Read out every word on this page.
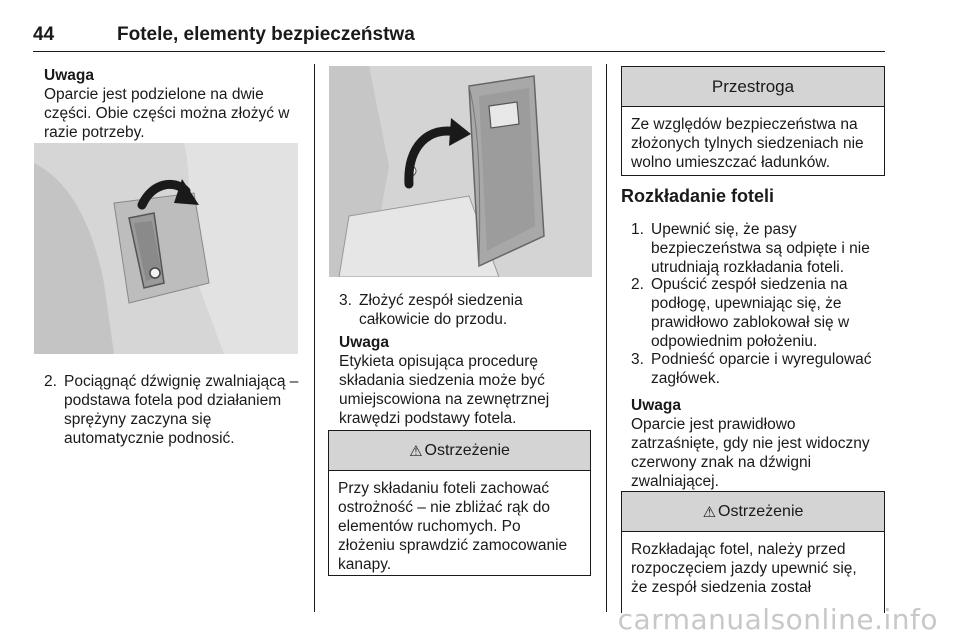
44	Fotele, elementy bezpieczeństwa
Uwaga
Oparcie jest podzielone na dwie
części. Obie części można złożyć w
razie potrzeby.
2. Pociągnąć dźwignię zwalniającą –
podstawa fotela pod działaniem
sprężyny zaczyna się
automatycznie podnosić.
3. Złożyć zespół siedzenia
całkowicie do przodu.
Uwaga
Etykieta opisująca procedurę
składania siedzenia może być
umiejscowiona na zewnętrznej
krawędzi podstawy fotela.
⚠ Ostrzeżenie
Przy składaniu foteli zachować
ostrożność – nie zbliżać rąk do
elementów ruchomych. Po
złożeniu sprawdzić zamocowanie
kanapy.
Przestroga
Ze względów bezpieczeństwa na
złożonych tylnych siedzeniach nie
wolno umieszczać ładunków.
Rozkładanie foteli
1. Upewnić się, że pasy
bezpieczeństwa są odpięte i nie
utrudniają rozkładania foteli.
2. Opuścić zespół siedzenia na
podłogę, upewniając się, że
prawidłowo zablokował się w
odpowiednim położeniu.
3. Podnieść oparcie i wyregulować
zagłówek.
Uwaga
Oparcie jest prawidłowo
zatrzaśnięte, gdy nie jest widoczny
czerwony znak na dźwigni
zwalniającej.
⚠ Ostrzeżenie
Rozkładając fotel, należy przed
rozpoczęciem jazdy upewnić się,
że zespół siedzenia został
carmanualsonline.info
